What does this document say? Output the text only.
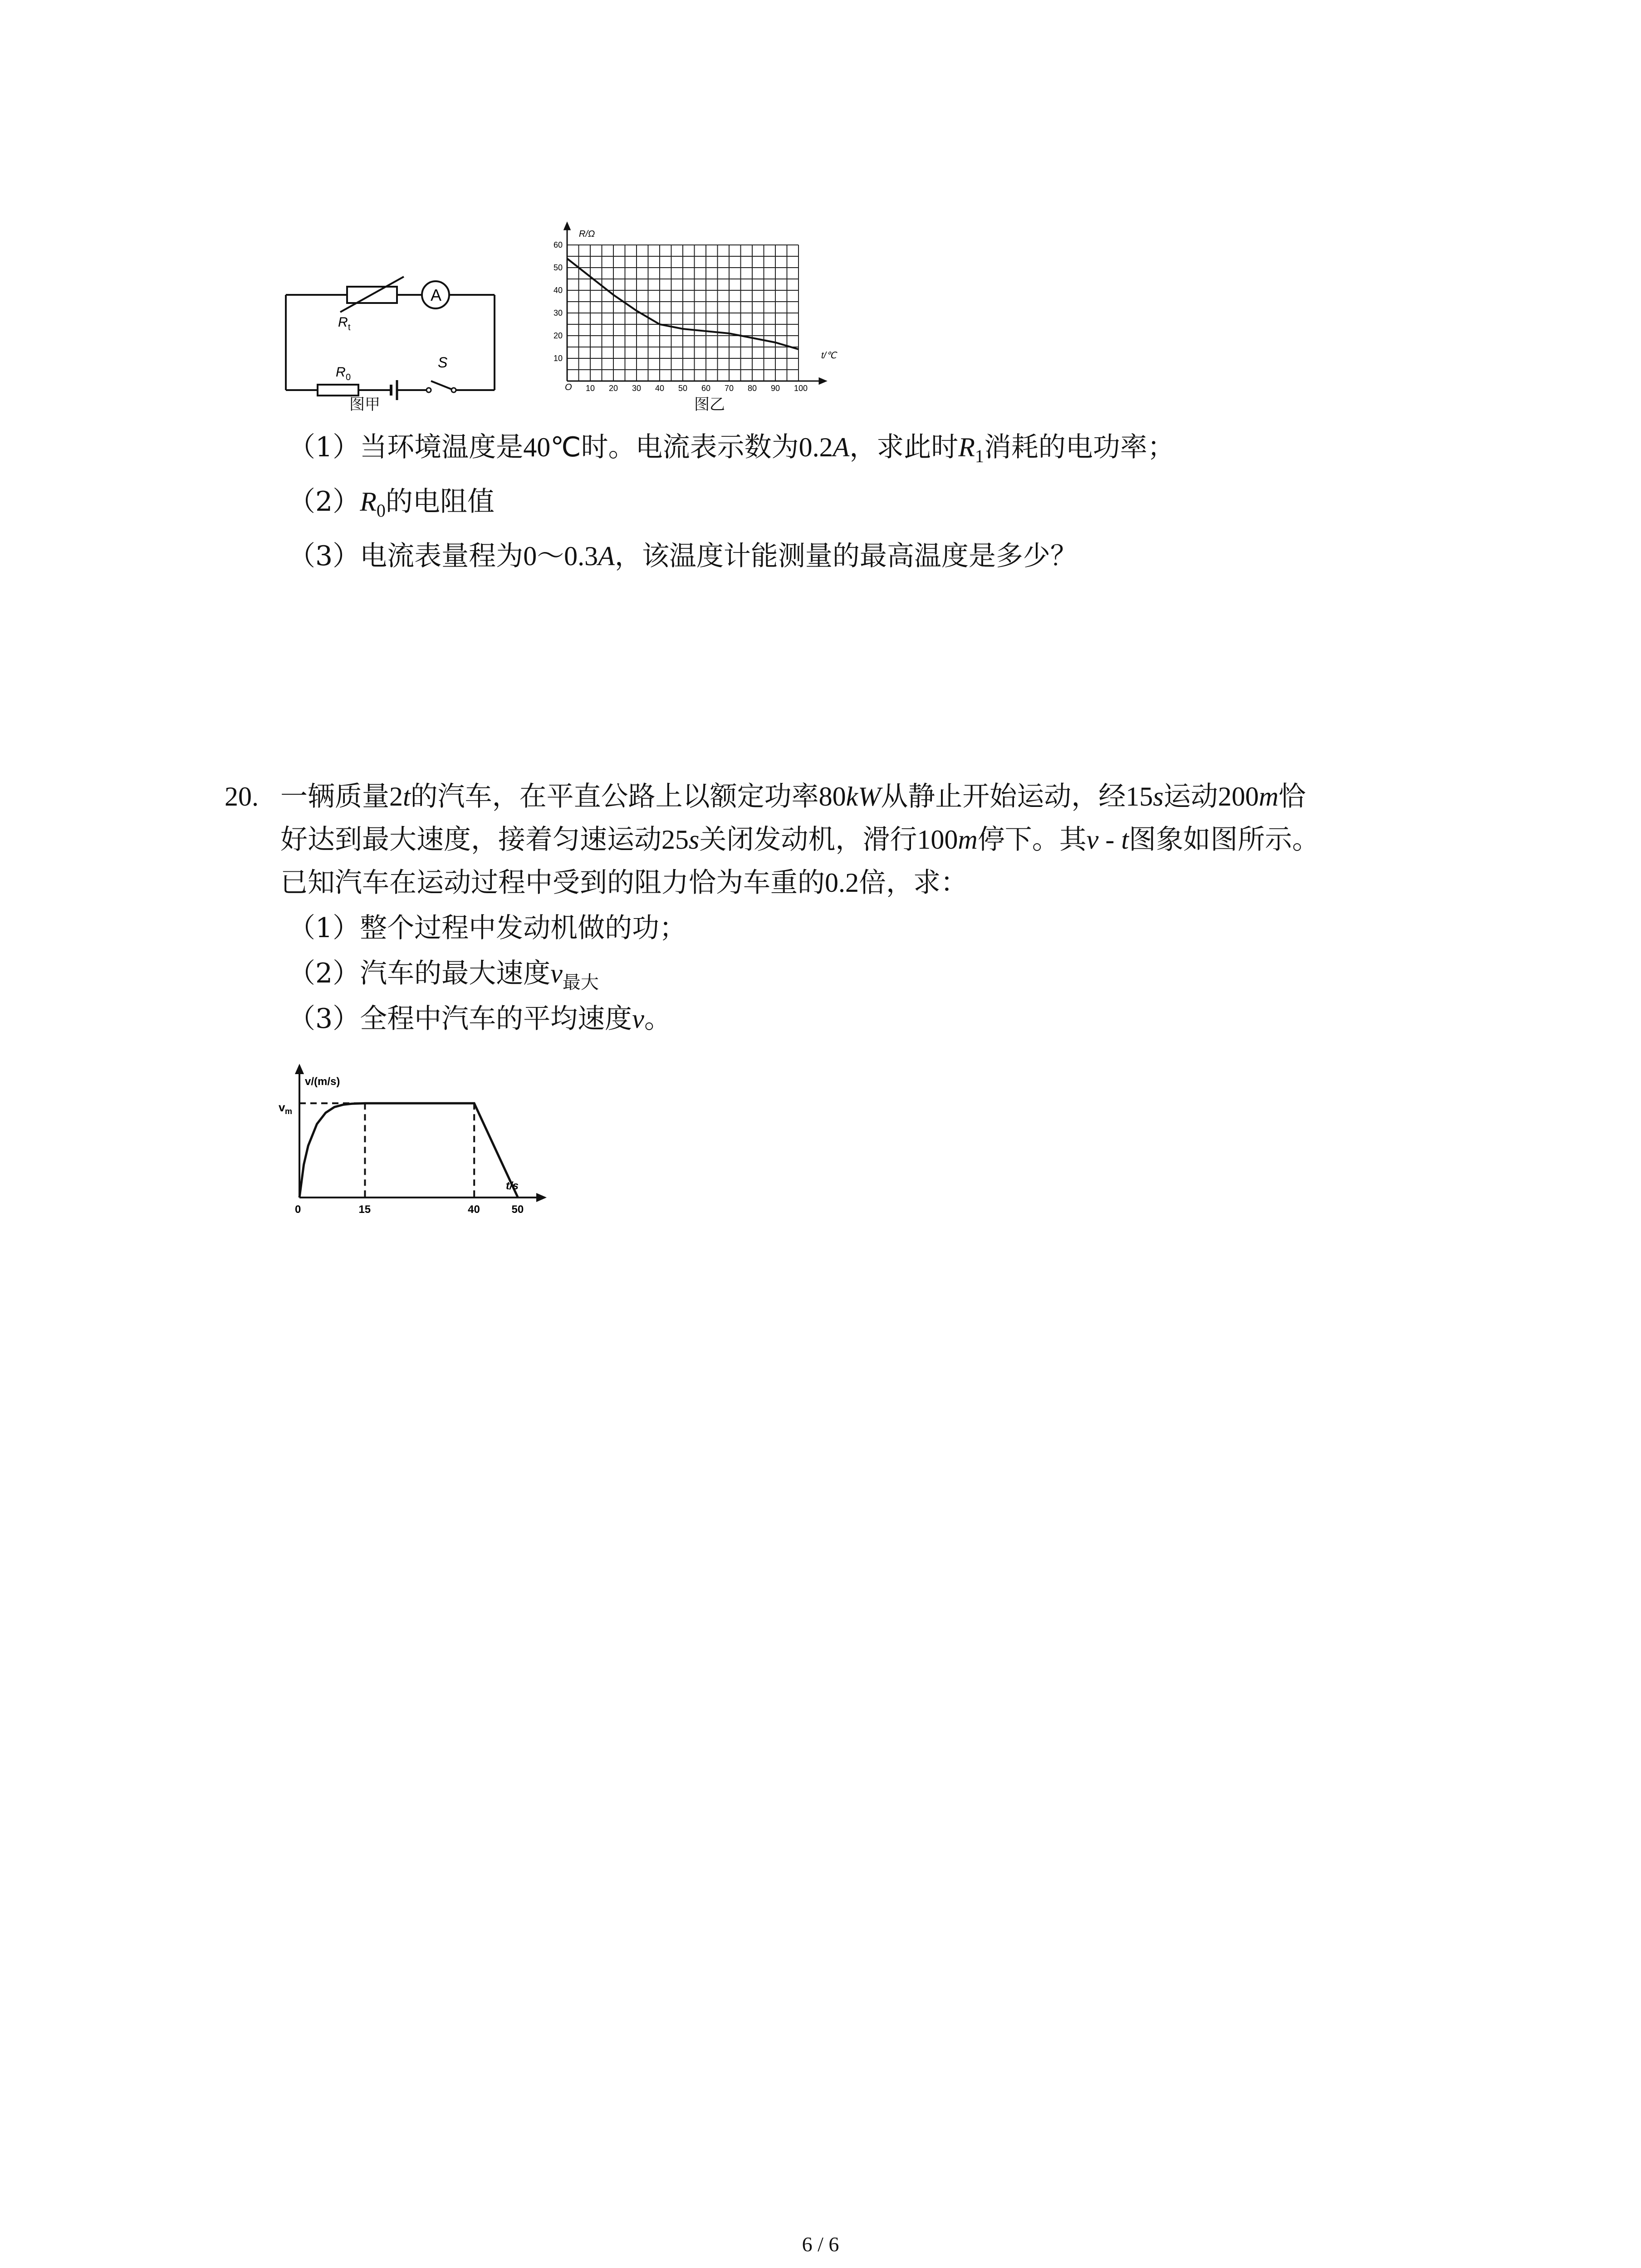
A
R t
R 0
S
图甲
10 20 30 40 50 60 70 80 90 100
10
20
30
40
50
60
R/Ω
t/℃
O
图乙
（1）当环境温度是40℃时。电流表示数为0.2A，求此时$R_1$消耗的电功率；
$(2)R_0$的电阻值
（3）电流表量程为0～0.3A，该温度计能测量的最高温度是多少？
20. 一辆质量2t的汽车，在平直公路上以额定功率80kW从静止开始运动，经15s运动200m恰
好达到最大速度，接着匀速运动25s关闭发动机，滑行100m停下。其v - t图象如图所示。
已知汽车在运动过程中受到的阻力恰为车重的0.2倍，求：
（1）整个过程中发动机做的功；
（2）汽车的最大速度$v_{最大}$
（3）全程中汽车的平均速度v。
0	15	40	50
v/(m/s)
t/s
v m
6 / 6
